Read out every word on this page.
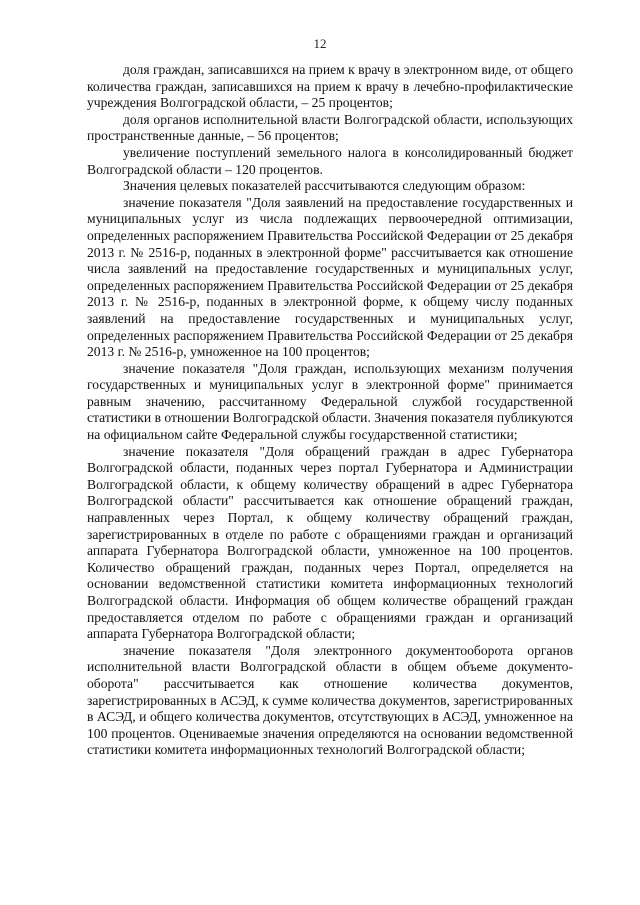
12

доля граждан, записавшихся на прием к врачу в электронном виде, от общего количества граждан, записавшихся на прием к врачу в лечебно-профилактические учреждения Волгоградской области, – 25 процентов;

доля органов исполнительной власти Волгоградской области, использующих пространственные данные, – 56 процентов;

увеличение поступлений земельного налога в консолидированный бюджет Волгоградской области – 120 процентов.

Значения целевых показателей рассчитываются следующим образом:

значение показателя "Доля заявлений на предоставление государственных и муниципальных услуг из числа подлежащих первоочередной оптимизации, определенных распоряжением Правительства Российской Федерации от 25 декабря 2013 г. № 2516-р, поданных в электронной форме" рассчитывается как отношение числа заявлений на предоставление государственных и муниципальных услуг, определенных распоряжением Правительства Российской Федерации от 25 декабря 2013 г. № 2516-р, поданных в электронной форме, к общему числу поданных заявлений на предоставление государственных и муниципальных услуг, определенных распоряжением Правительства Российской Федерации от 25 декабря 2013 г. № 2516-р, умноженное на 100 процентов;

значение показателя "Доля граждан, использующих механизм получения государственных и муниципальных услуг в электронной форме" принимается равным значению, рассчитанному Федеральной службой государственной статистики в отношении Волгоградской области. Значения показателя публикуются на официальном сайте Федеральной службы государственной статистики;

значение показателя "Доля обращений граждан в адрес Губернатора Волгоградской области, поданных через портал Губернатора и Администрации Волгоградской области, к общему количеству обращений в адрес Губернатора Волгоградской области" рассчитывается как отношение обращений граждан, направленных через Портал, к общему количеству обращений граждан, зарегистрированных в отделе по работе с обращениями граждан и организаций аппарата Губернатора Волгоградской области, умноженное на 100 процентов. Количество обращений граждан, поданных через Портал, определяется на основании ведомственной статистики комитета информационных технологий Волгоградской области. Информация об общем количестве обращений граждан предоставляется отделом по работе с обращениями граждан и организаций аппарата Губернатора Волгоградской области;

значение показателя "Доля электронного документооборота органов исполнительной власти Волгоградской области в общем объеме документо-оборота" рассчитывается как отношение количества документов, зарегистрированных в АСЭД, к сумме количества документов, зарегистрированных в АСЭД, и общего количества документов, отсутствующих в АСЭД, умноженное на 100 процентов. Оцениваемые значения определяются на основании ведомственной статистики комитета информационных технологий Волгоградской области;
